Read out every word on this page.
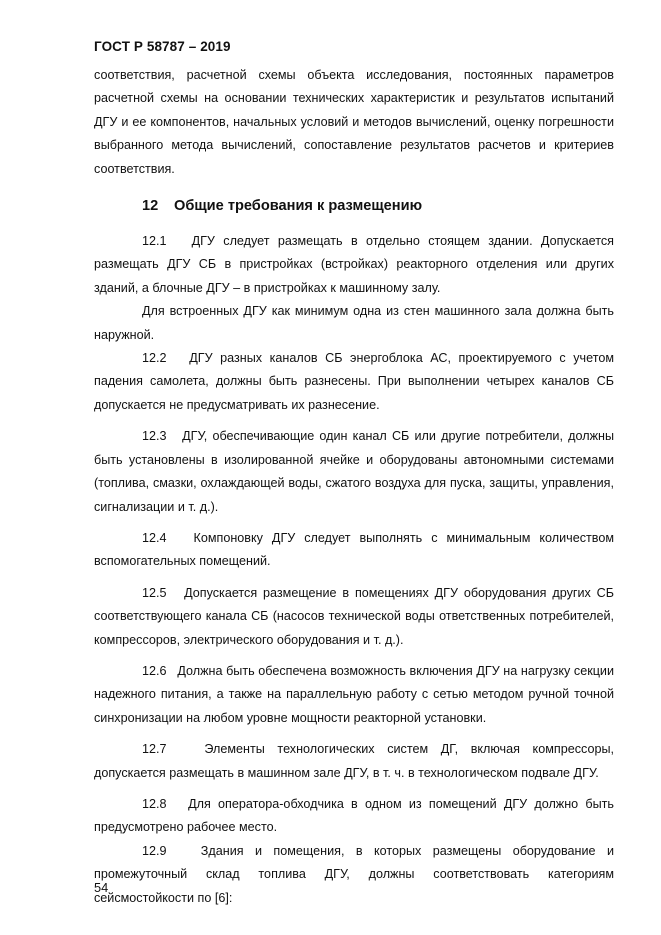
ГОСТ Р 58787 – 2019

соответствия, расчетной схемы объекта исследования, постоянных параметров расчетной схемы на основании технических характеристик и результатов испытаний ДГУ и ее компонентов, начальных условий и методов вычислений, оценку погрешности выбранного метода вычислений, сопоставление результатов расчетов и критериев соответствия.

12 Общие требования к размещению

12.1 ДГУ следует размещать в отдельно стоящем здании. Допускается размещать ДГУ СБ в пристройках (встройках) реакторного отделения или других зданий, а блочные ДГУ – в пристройках к машинному залу.

Для встроенных ДГУ как минимум одна из стен машинного зала должна быть наружной.

12.2 ДГУ разных каналов СБ энергоблока АС, проектируемого с учетом падения самолета, должны быть разнесены. При выполнении четырех каналов СБ допускается не предусматривать их разнесение.

12.3 ДГУ, обеспечивающие один канал СБ или другие потребители, должны быть установлены в изолированной ячейке и оборудованы автономными системами (топлива, смазки, охлаждающей воды, сжатого воздуха для пуска, защиты, управления, сигнализации и т. д.).

12.4 Компоновку ДГУ следует выполнять с минимальным количеством вспомогательных помещений.

12.5 Допускается размещение в помещениях ДГУ оборудования других СБ соответствующего канала СБ (насосов технической воды ответственных потребителей, компрессоров, электрического оборудования и т. д.).

12.6 Должна быть обеспечена возможность включения ДГУ на нагрузку секции надежного питания, а также на параллельную работу с сетью методом ручной точной синхронизации на любом уровне мощности реакторной установки.

12.7	Элементы технологических систем ДГ, включая компрессоры, допускается размещать в машинном зале ДГУ, в т. ч. в технологическом подвале ДГУ.

12.8 Для оператора-обходчика в одном из помещений ДГУ должно быть предусмотрено рабочее место.

12.9	Здания и помещения, в которых размещены оборудование и промежуточный склад топлива ДГУ, должны соответствовать категориям сейсмостойкости по [6]:

54
